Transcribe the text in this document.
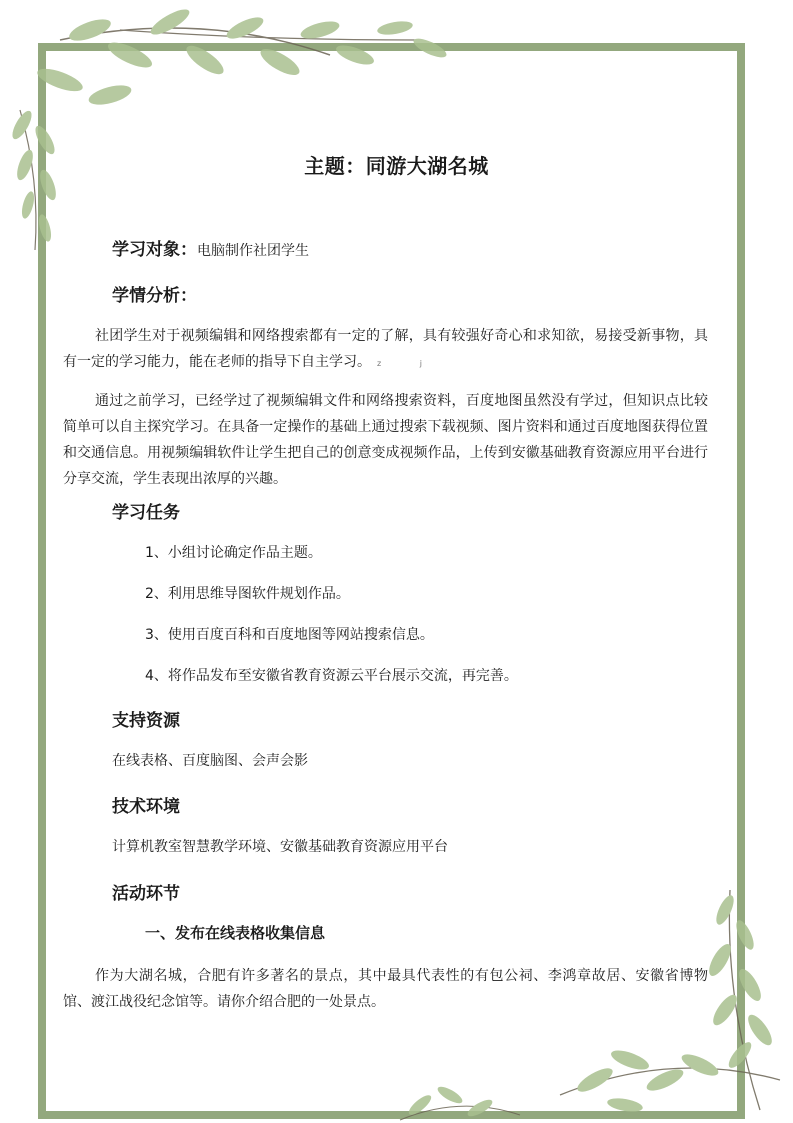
主题：同游大湖名城
学习对象：电脑制作社团学生
学情分析：
社团学生对于视频编辑和网络搜索都有一定的了解，具有较强好奇心和求知欲，易接受新事物，具有一定的学习能力，能在老师的指导下自主学习。 z j
通过之前学习，已经学过了视频编辑文件和网络搜索资料，百度地图虽然没有学过，但知识点比较简单可以自主探究学习。在具备一定操作的基础上通过搜索下载视频、图片资料和通过百度地图获得位置和交通信息。用视频编辑软件让学生把自己的创意变成视频作品，上传到安徽基础教育资源应用平台进行分享交流，学生表现出浓厚的兴趣。
学习任务
1、小组讨论确定作品主题。
2、利用思维导图软件规划作品。
3、使用百度百科和百度地图等网站搜索信息。
4、将作品发布至安徽省教育资源云平台展示交流，再完善。
支持资源
在线表格、百度脑图、会声会影
技术环境
计算机教室智慧教学环境、安徽基础教育资源应用平台
活动环节
一、发布在线表格收集信息
作为大湖名城，合肥有许多著名的景点，其中最具代表性的有包公祠、李鸿章故居、安徽省博物馆、渡江战役纪念馆等。请你介绍合肥的一处景点。
